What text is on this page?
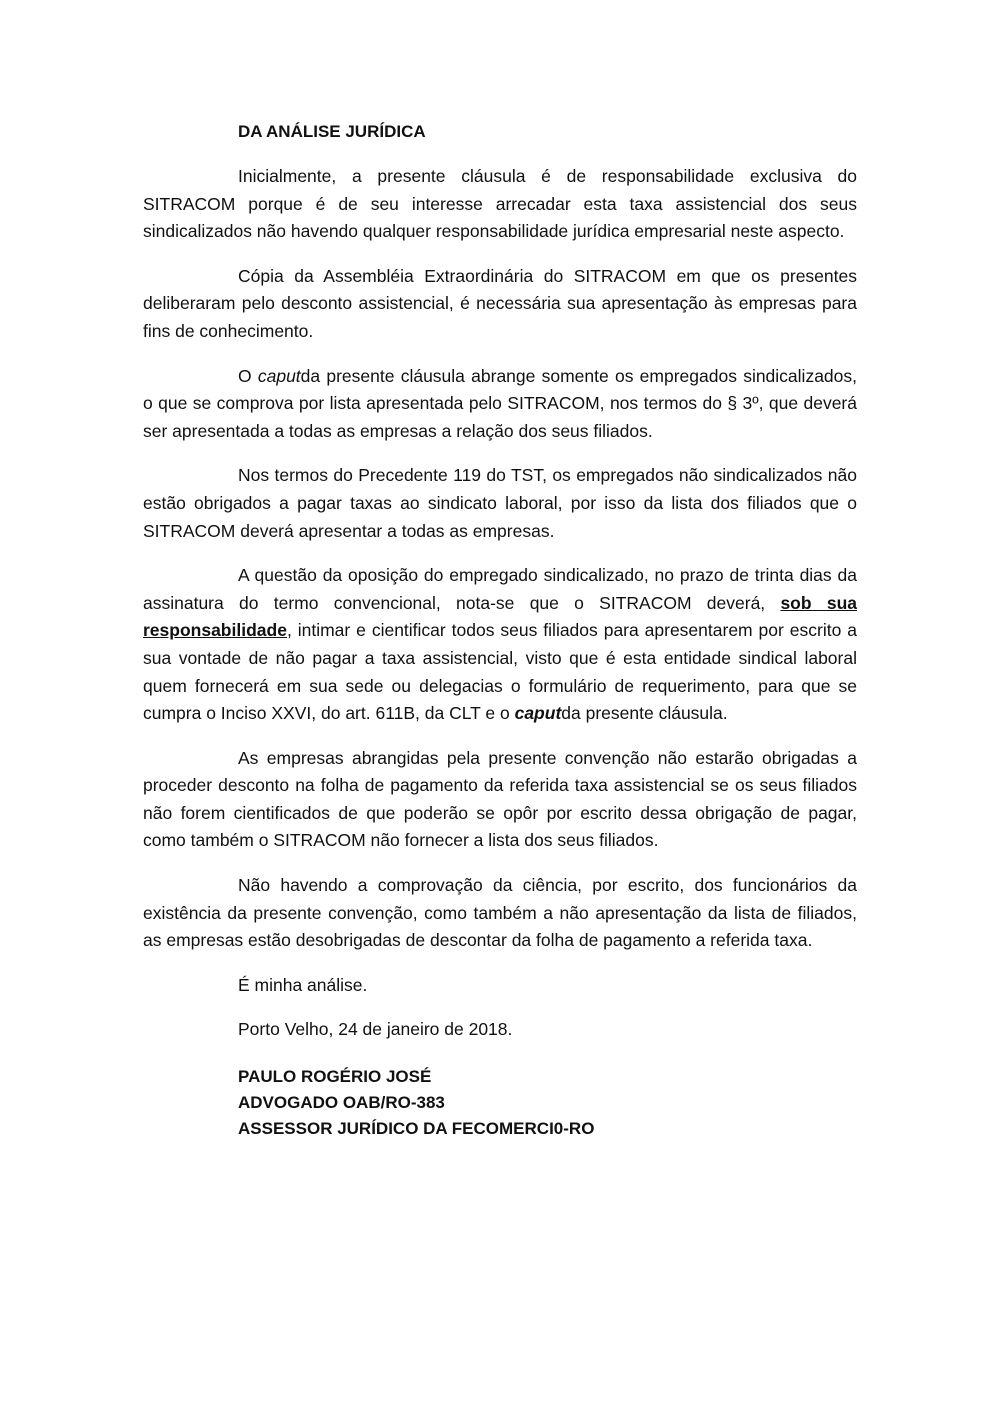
DA ANÁLISE JURÍDICA

Inicialmente, a presente cláusula é de responsabilidade exclusiva do SITRACOM porque é de seu interesse arrecadar esta taxa assistencial dos seus sindicalizados não havendo qualquer responsabilidade jurídica empresarial neste aspecto.

Cópia da Assembléia Extraordinária do SITRACOM em que os presentes deliberaram pelo desconto assistencial, é necessária sua apresentação às empresas para fins de conhecimento.

O caputda presente cláusula abrange somente os empregados sindicalizados, o que se comprova por lista apresentada pelo SITRACOM, nos termos do § 3º, que deverá ser apresentada a todas as empresas a relação dos seus filiados.

Nos termos do Precedente 119 do TST, os empregados não sindicalizados não estão obrigados a pagar taxas ao sindicato laboral, por isso da lista dos filiados que o SITRACOM deverá apresentar a todas as empresas.

A questão da oposição do empregado sindicalizado, no prazo de trinta dias da assinatura do termo convencional, nota-se que o SITRACOM deverá, sob sua responsabilidade, intimar e cientificar todos seus filiados para apresentarem por escrito a sua vontade de não pagar a taxa assistencial, visto que é esta entidade sindical laboral quem fornecerá em sua sede ou delegacias o formulário de requerimento, para que se cumpra o Inciso XXVI, do art. 611B, da CLT e o caputda presente cláusula.

As empresas abrangidas pela presente convenção não estarão obrigadas a proceder desconto na folha de pagamento da referida taxa assistencial se os seus filiados não forem cientificados de que poderão se opôr por escrito dessa obrigação de pagar, como também o SITRACOM não fornecer a lista dos seus filiados.

Não havendo a comprovação da ciência, por escrito, dos funcionários da existência da presente convenção, como também a não apresentação da lista de filiados, as empresas estão desobrigadas de descontar da folha de pagamento a referida taxa.

É minha análise.

Porto Velho, 24 de janeiro de 2018.

PAULO ROGÉRIO JOSÉ
ADVOGADO OAB/RO-383
ASSESSOR JURÍDICO DA FECOMERCI0-RO
